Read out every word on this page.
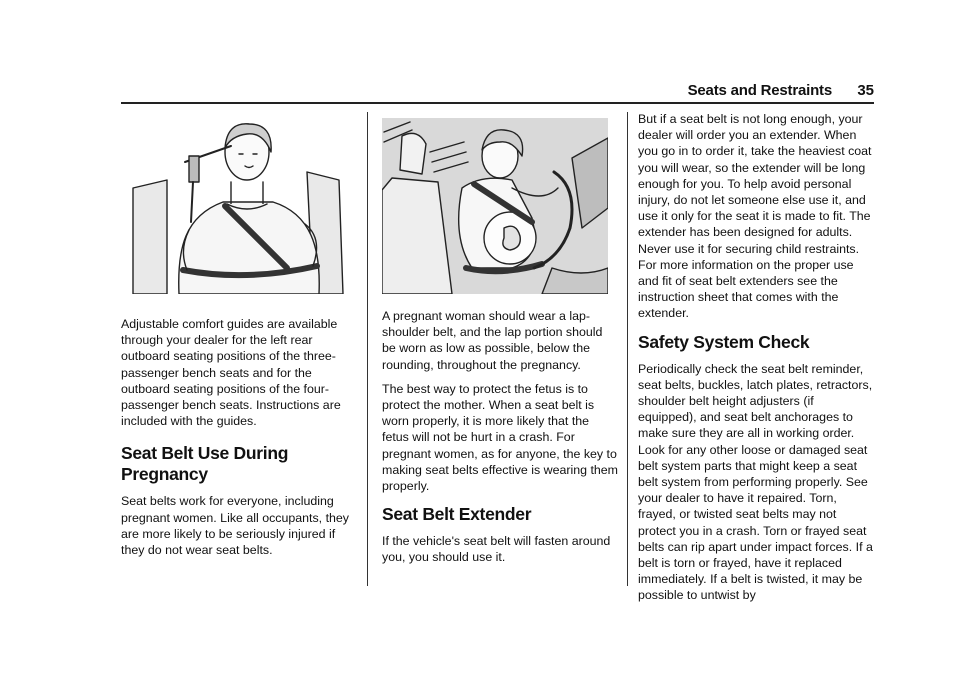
Seats and Restraints 35

Adjustable comfort guides are available through your dealer for the left rear outboard seating positions of the three-passenger bench seats and for the outboard seating positions of the four-passenger bench seats. Instructions are included with the guides.

Seat Belt Use During Pregnancy

Seat belts work for everyone, including pregnant women. Like all occupants, they are more likely to be seriously injured if they do not wear seat belts.

A pregnant woman should wear a lap-shoulder belt, and the lap portion should be worn as low as possible, below the rounding, throughout the pregnancy.

The best way to protect the fetus is to protect the mother. When a seat belt is worn properly, it is more likely that the fetus will not be hurt in a crash. For pregnant women, as for anyone, the key to making seat belts effective is wearing them properly.

Seat Belt Extender

If the vehicle's seat belt will fasten around you, you should use it.

But if a seat belt is not long enough, your dealer will order you an extender. When you go in to order it, take the heaviest coat you will wear, so the extender will be long enough for you. To help avoid personal injury, do not let someone else use it, and use it only for the seat it is made to fit. The extender has been designed for adults. Never use it for securing child restraints. For more information on the proper use and fit of seat belt extenders see the instruction sheet that comes with the extender.

Safety System Check

Periodically check the seat belt reminder, seat belts, buckles, latch plates, retractors, shoulder belt height adjusters (if equipped), and seat belt anchorages to make sure they are all in working order. Look for any other loose or damaged seat belt system parts that might keep a seat belt system from performing properly. See your dealer to have it repaired. Torn, frayed, or twisted seat belts may not protect you in a crash. Torn or frayed seat belts can rip apart under impact forces. If a belt is torn or frayed, have it replaced immediately. If a belt is twisted, it may be possible to untwist by
